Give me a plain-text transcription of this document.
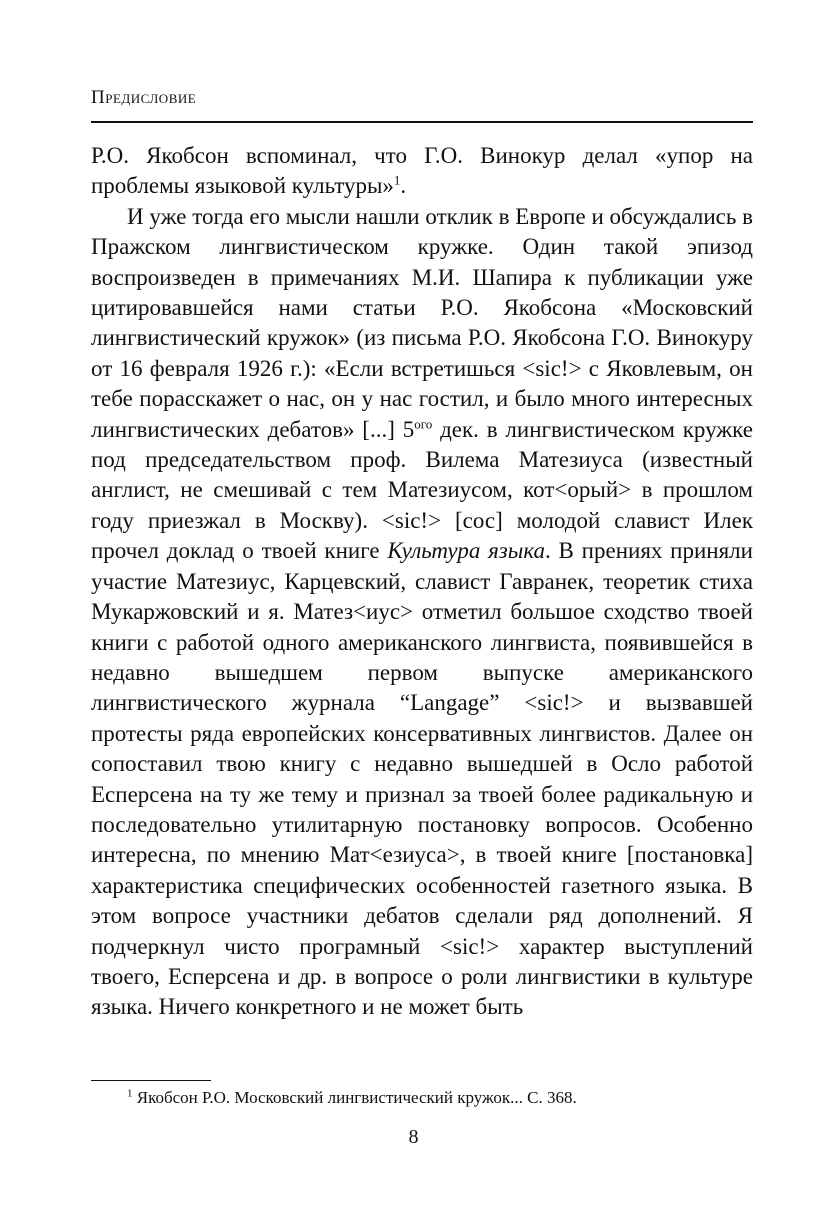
Предисловие

Р.О. Якобсон вспоминал, что Г.О. Винокур делал «упор на проблемы языковой культуры»$^1$.

И уже тогда его мысли нашли отклик в Европе и обсуждались в Пражском лингвистическом кружке. Один такой эпизод воспроизведен в примечаниях М.И. Шапира к публикации уже цитировавшейся нами статьи Р.О. Якобсона «Московский лингвистический кружок» (из письма Р.О. Якобсона Г.О. Винокуру от 16 февраля 1926 г.): «Если встретишься <sic!> с Яковлевым, он тебе порасскажет о нас, он у нас гостил, и было много интересных лингвистических дебатов» [...] $5^{ого}$ дек. в лингвистическом кружке под председательством проф. Вилема Матезиуса (известный англист, не смешивай с тем Матезиусом, кот<орый> в прошлом году приезжал в Москву). <sic!> [сос] молодой славист Илек прочел доклад о твоей книге Культура языка. В прениях приняли участие Матезиус, Карцевский, славист Гавранек, теоретик стиха Мукаржовский и я. Матез<иус> отметил большое сходство твоей книги с работой одного американского лингвиста, появившейся в недавно вышедшем первом выпуске американского лингвистического журнала “Langage” <sic!> и вызвавшей протесты ряда европейских консервативных лингвистов. Далее он сопоставил твою книгу с недавно вышедшей в Осло работой Есперсена на ту же тему и признал за твоей более радикальную и последовательно утилитарную постановку вопросов. Особенно интересна, по мнению Мат<езиуса>, в твоей книге [постановка] характеристика специфических особенностей газетного языка. В этом вопросе участники дебатов сделали ряд дополнений. Я подчеркнул чисто програмный <sic!> характер выступлений твоего, Есперсена и др. в вопросе о роли лингвистики в культуре языка. Ничего конкретного и не может быть

$^1$ Якобсон Р.О. Московский лингвистический кружок... С. 368.
8
